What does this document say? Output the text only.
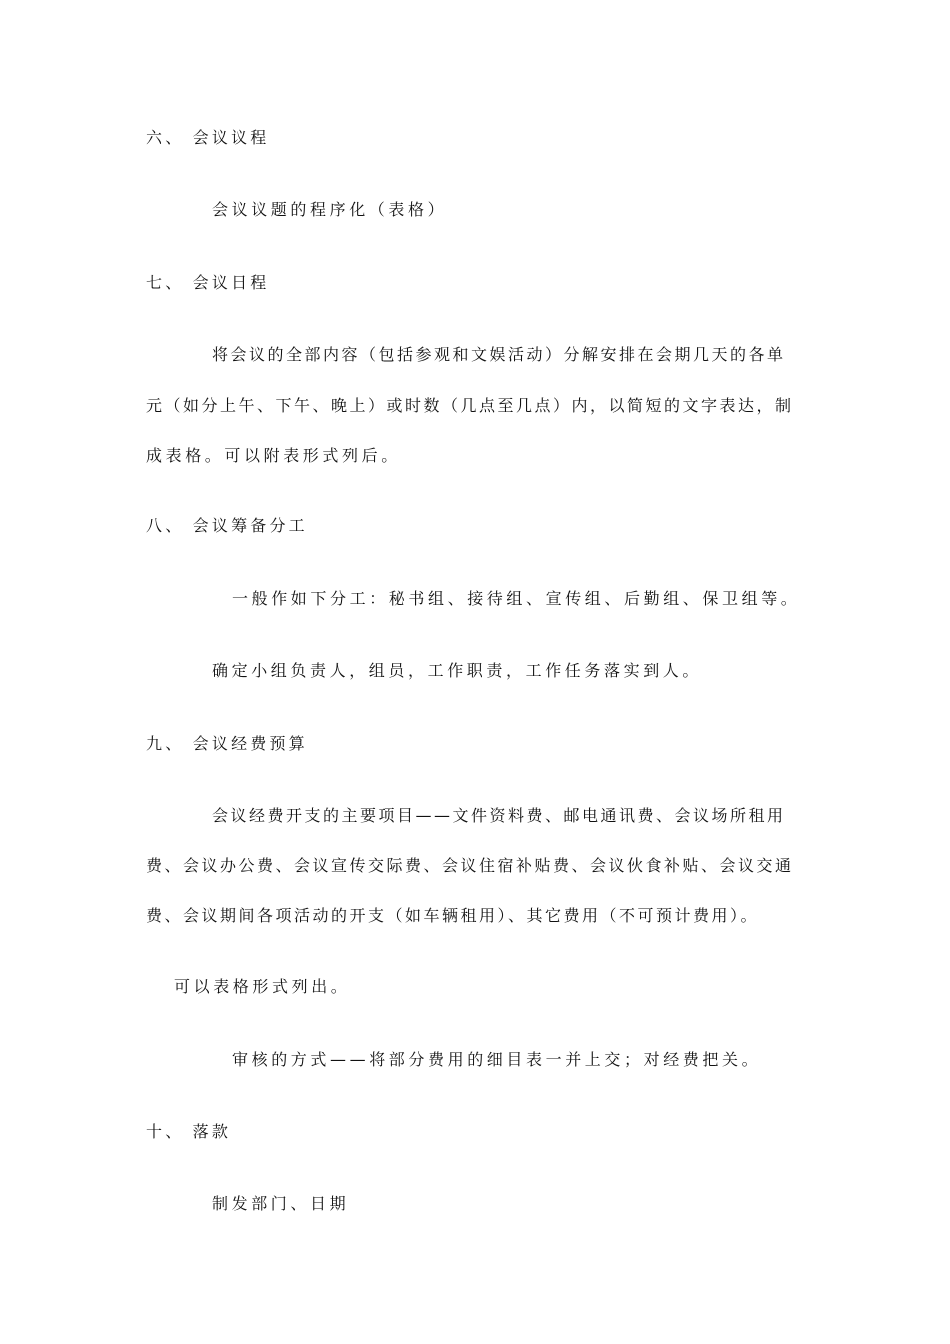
六、 会议议程
会议议题的程序化（表格）
七、 会议日程
将会议的全部内容（包括参观和文娱活动）分解安排在会期几天的各单
元（如分上午、下午、晚上）或时数（几点至几点）内，以简短的文字表达，制
成表格。可以附表形式列后。
八、 会议筹备分工
一般作如下分工：秘书组、接待组、宣传组、后勤组、保卫组等。
确定小组负责人，组员，工作职责，工作任务落实到人。
九、 会议经费预算
会议经费开支的主要项目——文件资料费、邮电通讯费、会议场所租用
费、会议办公费、会议宣传交际费、会议住宿补贴费、会议伙食补贴、会议交通
费、会议期间各项活动的开支（如车辆租用）、其它费用（不可预计费用）。
可以表格形式列出。
审核的方式——将部分费用的细目表一并上交；对经费把关。
十、 落款
制发部门、日期
